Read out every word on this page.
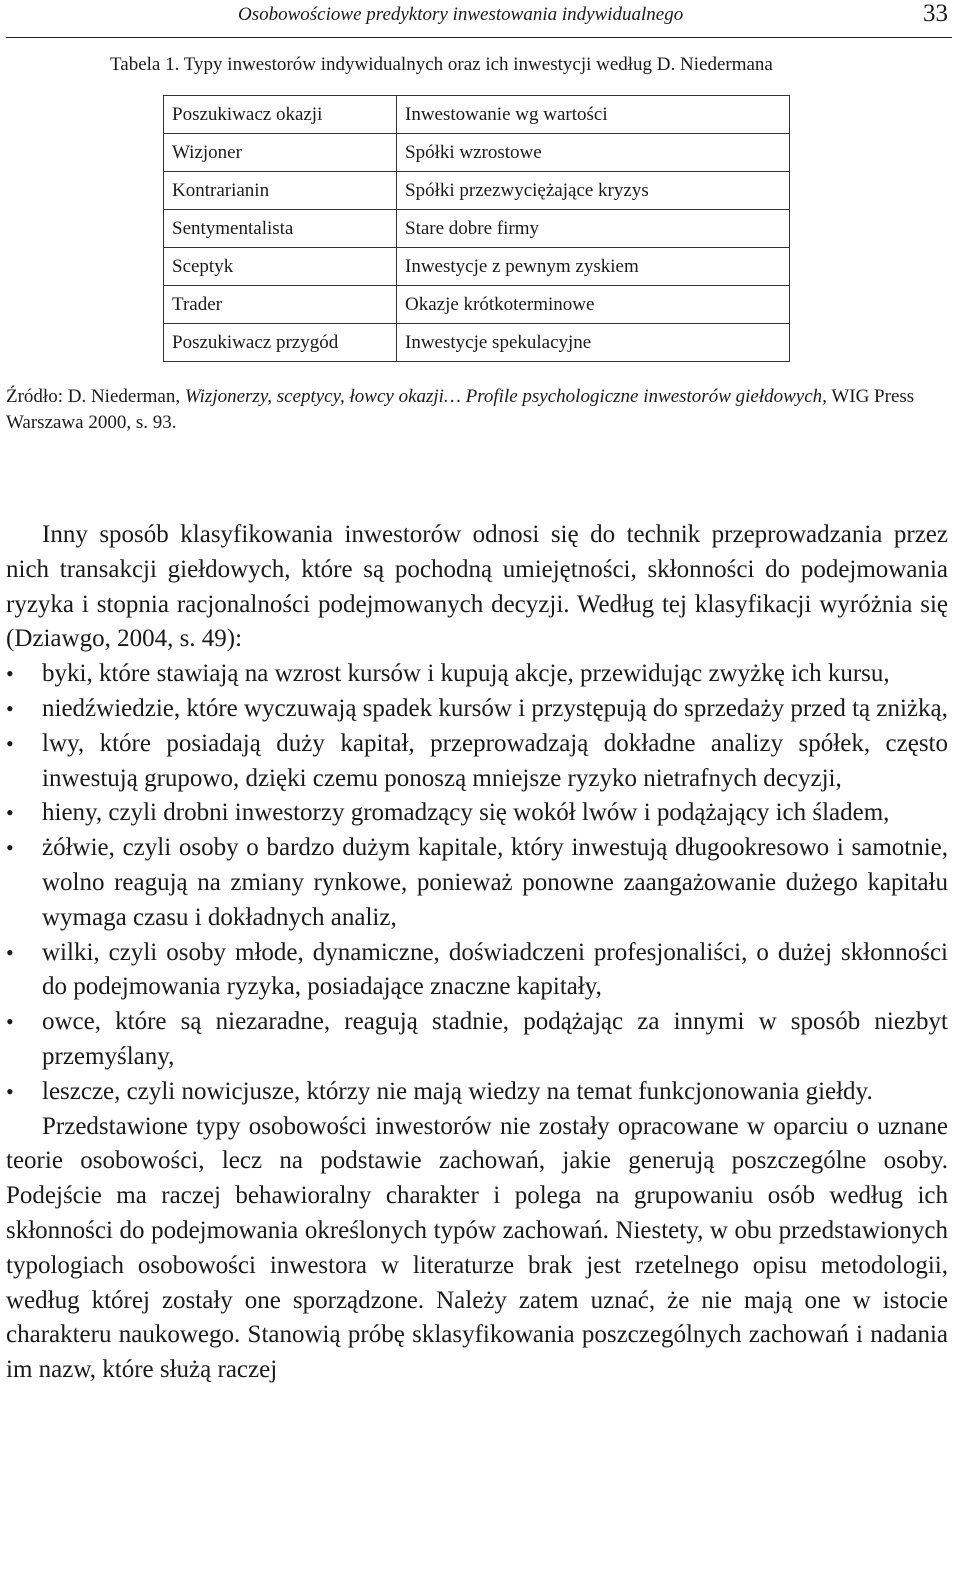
Osobowościowe predyktory inwestowania indywidualnego	33
Tabela 1. Typy inwestorów indywidualnych oraz ich inwestycji według D. Niedermana
Poszukiwacz okazji	Inwestowanie wg wartości
Wizjoner	Spółki wzrostowe
Kontrarianin	Spółki przezwyciężające kryzys
Sentymentalista	Stare dobre firmy
Sceptyk	Inwestycje z pewnym zyskiem
Trader	Okazje krótkoterminowe
Poszukiwacz przygód	Inwestycje spekulacyjne
Źródło: D. Niederman, Wizjonerzy, sceptycy, łowcy okazji… Profile psychologiczne inwestorów giełdowych, WIG Press Warszawa 2000, s. 93.

Inny sposób klasyfikowania inwestorów odnosi się do technik przeprowadzania przez nich transakcji giełdowych, które są pochodną umiejętności, skłonności do podejmowania ryzyka i stopnia racjonalności podejmowanych decyzji. Według tej klasyfikacji wyróżnia się (Dziawgo, 2004, s. 49):

• byki, które stawiają na wzrost kursów i kupują akcje, przewidując zwyżkę ich kursu,
• niedźwiedzie, które wyczuwają spadek kursów i przystępują do sprzedaży przed tą zniżką,
• lwy, które posiadają duży kapitał, przeprowadzają dokładne analizy spółek, często inwestują grupowo, dzięki czemu ponoszą mniejsze ryzyko nietrafnych decyzji,
• hieny, czyli drobni inwestorzy gromadzący się wokół lwów i podążający ich śladem,
• żółwie, czyli osoby o bardzo dużym kapitale, który inwestują długookresowo i samotnie, wolno reagują na zmiany rynkowe, ponieważ ponowne zaangażowanie dużego kapitału wymaga czasu i dokładnych analiz,
• wilki, czyli osoby młode, dynamiczne, doświadczeni profesjonaliści, o dużej skłonności do podejmowania ryzyka, posiadające znaczne kapitały,
• owce, które są niezaradne, reagują stadnie, podążając za innymi w sposób niezbyt przemyślany,
• leszcze, czyli nowicjusze, którzy nie mają wiedzy na temat funkcjonowania giełdy.

Przedstawione typy osobowości inwestorów nie zostały opracowane w oparciu o uznane teorie osobowości, lecz na podstawie zachowań, jakie generują poszczególne osoby. Podejście ma raczej behawioralny charakter i polega na grupowaniu osób według ich skłonności do podejmowania określonych typów zachowań. Niestety, w obu przedstawionych typologiach osobowości inwestora w literaturze brak jest rzetelnego opisu metodologii, według której zostały one sporządzone. Należy zatem uznać, że nie mają one w istocie charakteru naukowego. Stanowią próbę sklasyfikowania poszczególnych zachowań i nadania im nazw, które służą raczej
